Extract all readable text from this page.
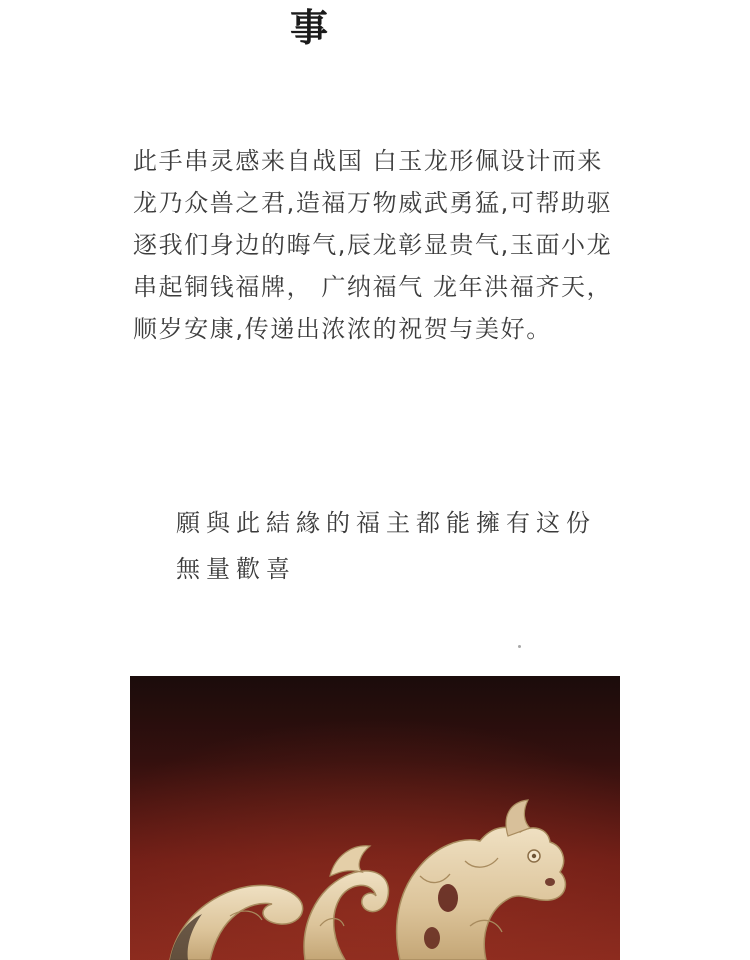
事
此手串灵感来自战国 白玉龙形佩设计而来
龙乃众兽之君,造福万物威武勇猛,可帮助驱
逐我们身边的晦气,辰龙彰显贵气,玉面小龙
串起铜钱福牌， 广纳福气 龙年洪福齐天，
顺岁安康,传递出浓浓的祝贺与美好。
願與此結緣的福主都能擁有这份
無量歡喜
